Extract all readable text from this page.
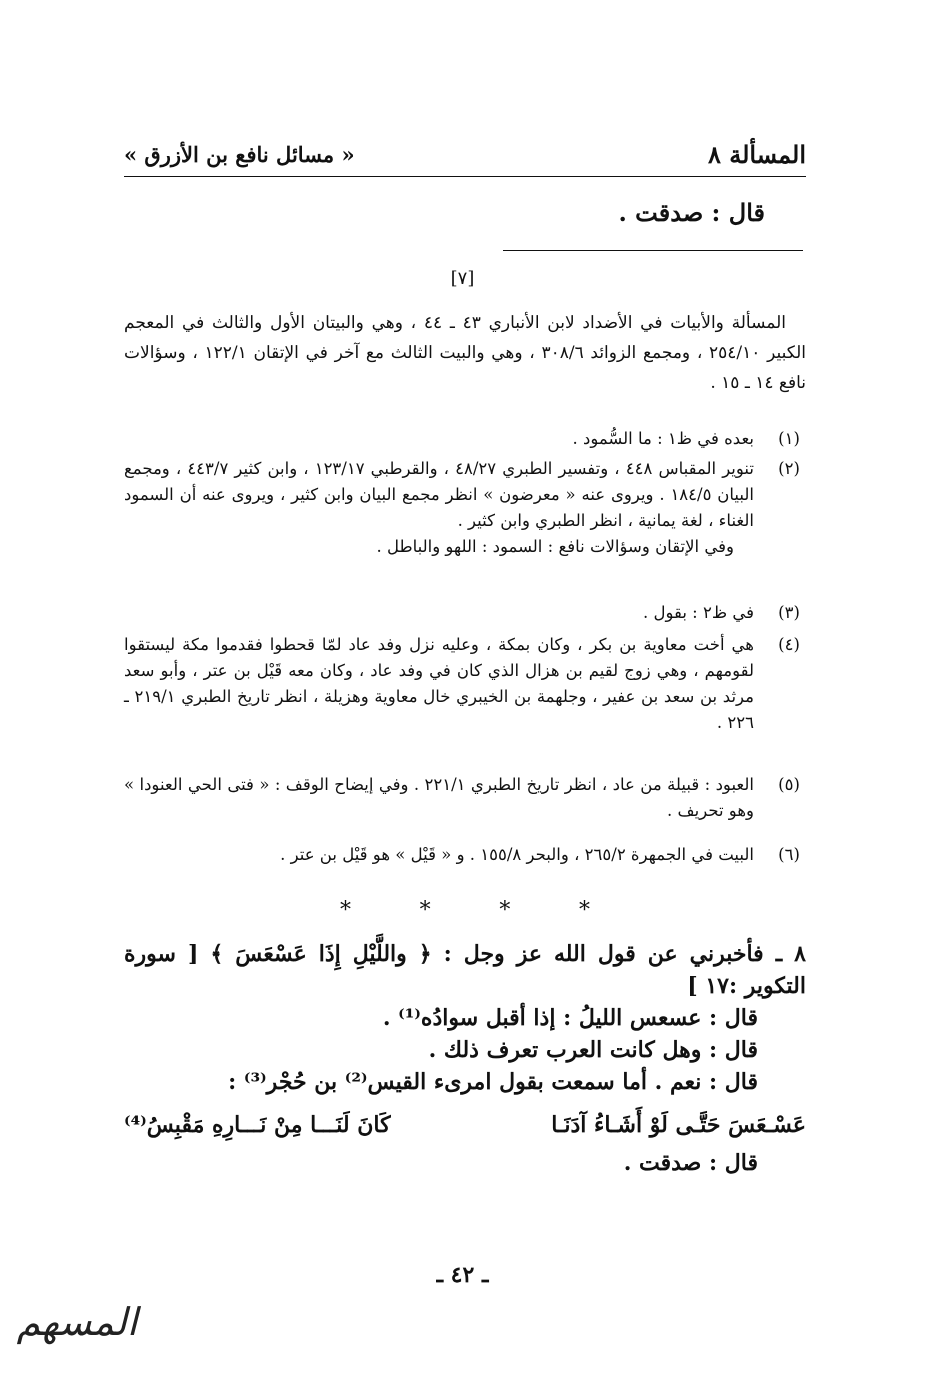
المسألة ٨
« مسائل نافع بن الأزرق »
قال : صدقت .
[٧]

المسألة والأبيات في الأضداد لابن الأنباري ٤٣ ـ ٤٤ ، وهي والبيتان الأول والثالث في المعجم الكبير ٢٥٤/١٠ ، ومجمع الزوائد ٣٠٨/٦ ، وهي والبيت الثالث مع آخر في الإتقان ١٢٢/١ ، وسؤالات نافع ١٤ ـ ١٥ .

(١)
بعده في ظ١ : ما السُّمود .
(٢)
تنوير المقباس ٤٤٨ ، وتفسير الطبري ٤٨/٢٧ ، والقرطبي ١٢٣/١٧ ، وابن كثير ٤٤٣/٧ ، ومجمع البيان ١٨٤/٥ . ويروى عنه « معرضون » انظر مجمع البيان وابن كثير ، ويروى عنه أن السمود الغناء ، لغة يمانية ، انظر الطبري وابن كثير .
وفي الإتقان وسؤالات نافع : السمود : اللهو والباطل .
(٣)
في ظ٢ : بقول .
(٤)
هي أخت معاوية بن بكر ، وكان بمكة ، وعليه نزل وفد عاد لمّا قحطوا فقدموا مكة ليستقوا لقومهم ، وهي زوج لقيم بن هزال الذي كان في وفد عاد ، وكان معه قَيْل بن عتر ، وأبو سعد مرثد بن سعد بن عفير ، وجلهمة بن الخيبري خال معاوية وهزيلة ، انظر تاريخ الطبري ٢١٩/١ ـ ٢٢٦ .
(٥)
العبود : قبيلة من عاد ، انظر تاريخ الطبري ٢٢١/١ . وفي إيضاح الوقف : « فتى الحي العنودا » وهو تحريف .
(٦)
البيت في الجمهرة ٢٦٥/٢ ، والبحر ١٥٥/٨ . و « قَيْل » هو قَيْل بن عتر .
*	*	*	*

٨ ـ فأخبرني عن قول الله عز وجل : ﴿ واللَّيْلِ إِذَا عَسْعَسَ ﴾ [ سورة التكوير :١٧ ]

قال : عسعس الليلُ : إذا أقبل سوادُه⁽¹⁾ .

قال : وهل كانت العرب تعرف ذلك .

قال : نعم . أما سمعت بقول امرىء القيس⁽²⁾ بن حُجْر⁽³⁾ :

عَسْـعَسَ حَتَّـى لَوْ أَشَـاءُ آدَنَـا
كَانَ لَنَـــا مِنْ نَـــارِهِ مَقْبِسُ⁽⁴⁾
قال : صدقت .
ـ ٤٢ ـ
المسهم
